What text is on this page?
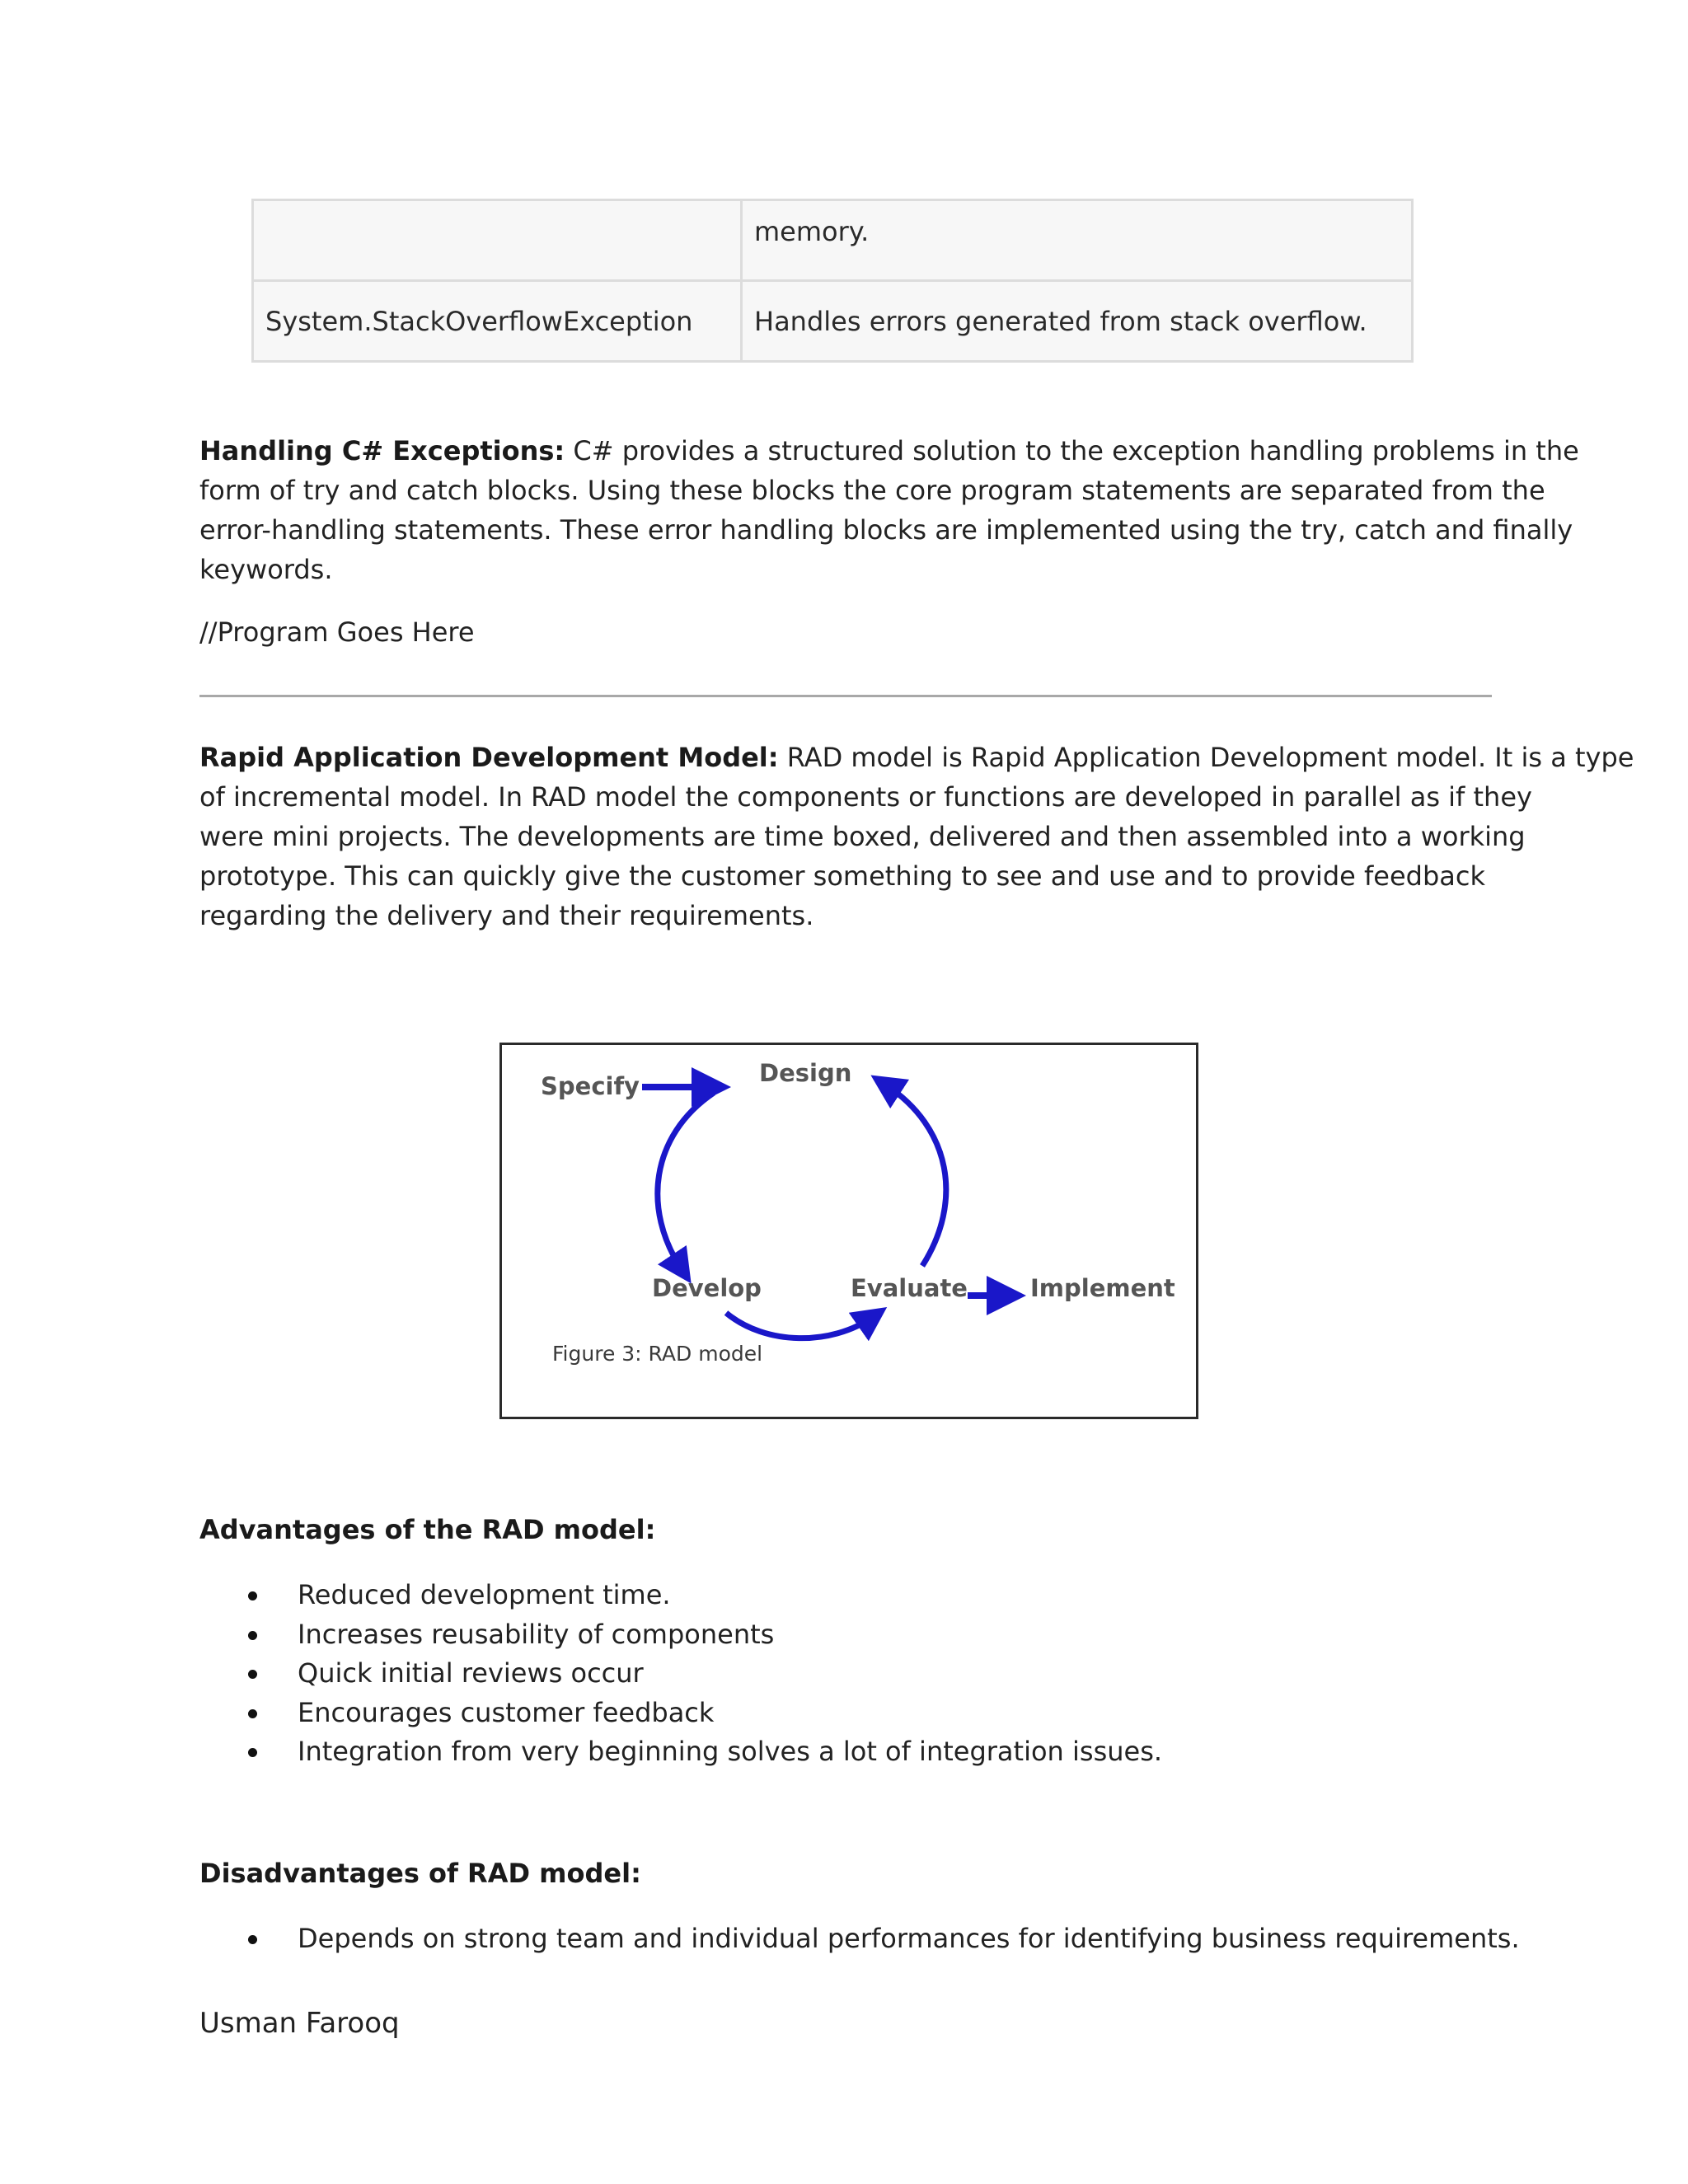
	memory.
System.StackOverflowException	Handles errors generated from stack overflow.
Handling C# Exceptions: C# provides a structured solution to the exception handling problems in the
form of try and catch blocks. Using these blocks the core program statements are separated from the
error-handling statements. These error handling blocks are implemented using the try, catch and finally
keywords.
//Program Goes Here
Rapid Application Development Model: RAD model is Rapid Application Development model. It is a type
of incremental model. In RAD model the components or functions are developed in parallel as if they
were mini projects. The developments are time boxed, delivered and then assembled into a working
prototype. This can quickly give the customer something to see and use and to provide feedback
regarding the delivery and their requirements.
Specify	Design
Develop	Evaluate	Implement
Figure 3: RAD model
Advantages of the RAD model:
Reduced development time.
Increases reusability of components
Quick initial reviews occur
Encourages customer feedback
Integration from very beginning solves a lot of integration issues.
Disadvantages of RAD model:
Depends on strong team and individual performances for identifying business requirements.
Usman Farooq
